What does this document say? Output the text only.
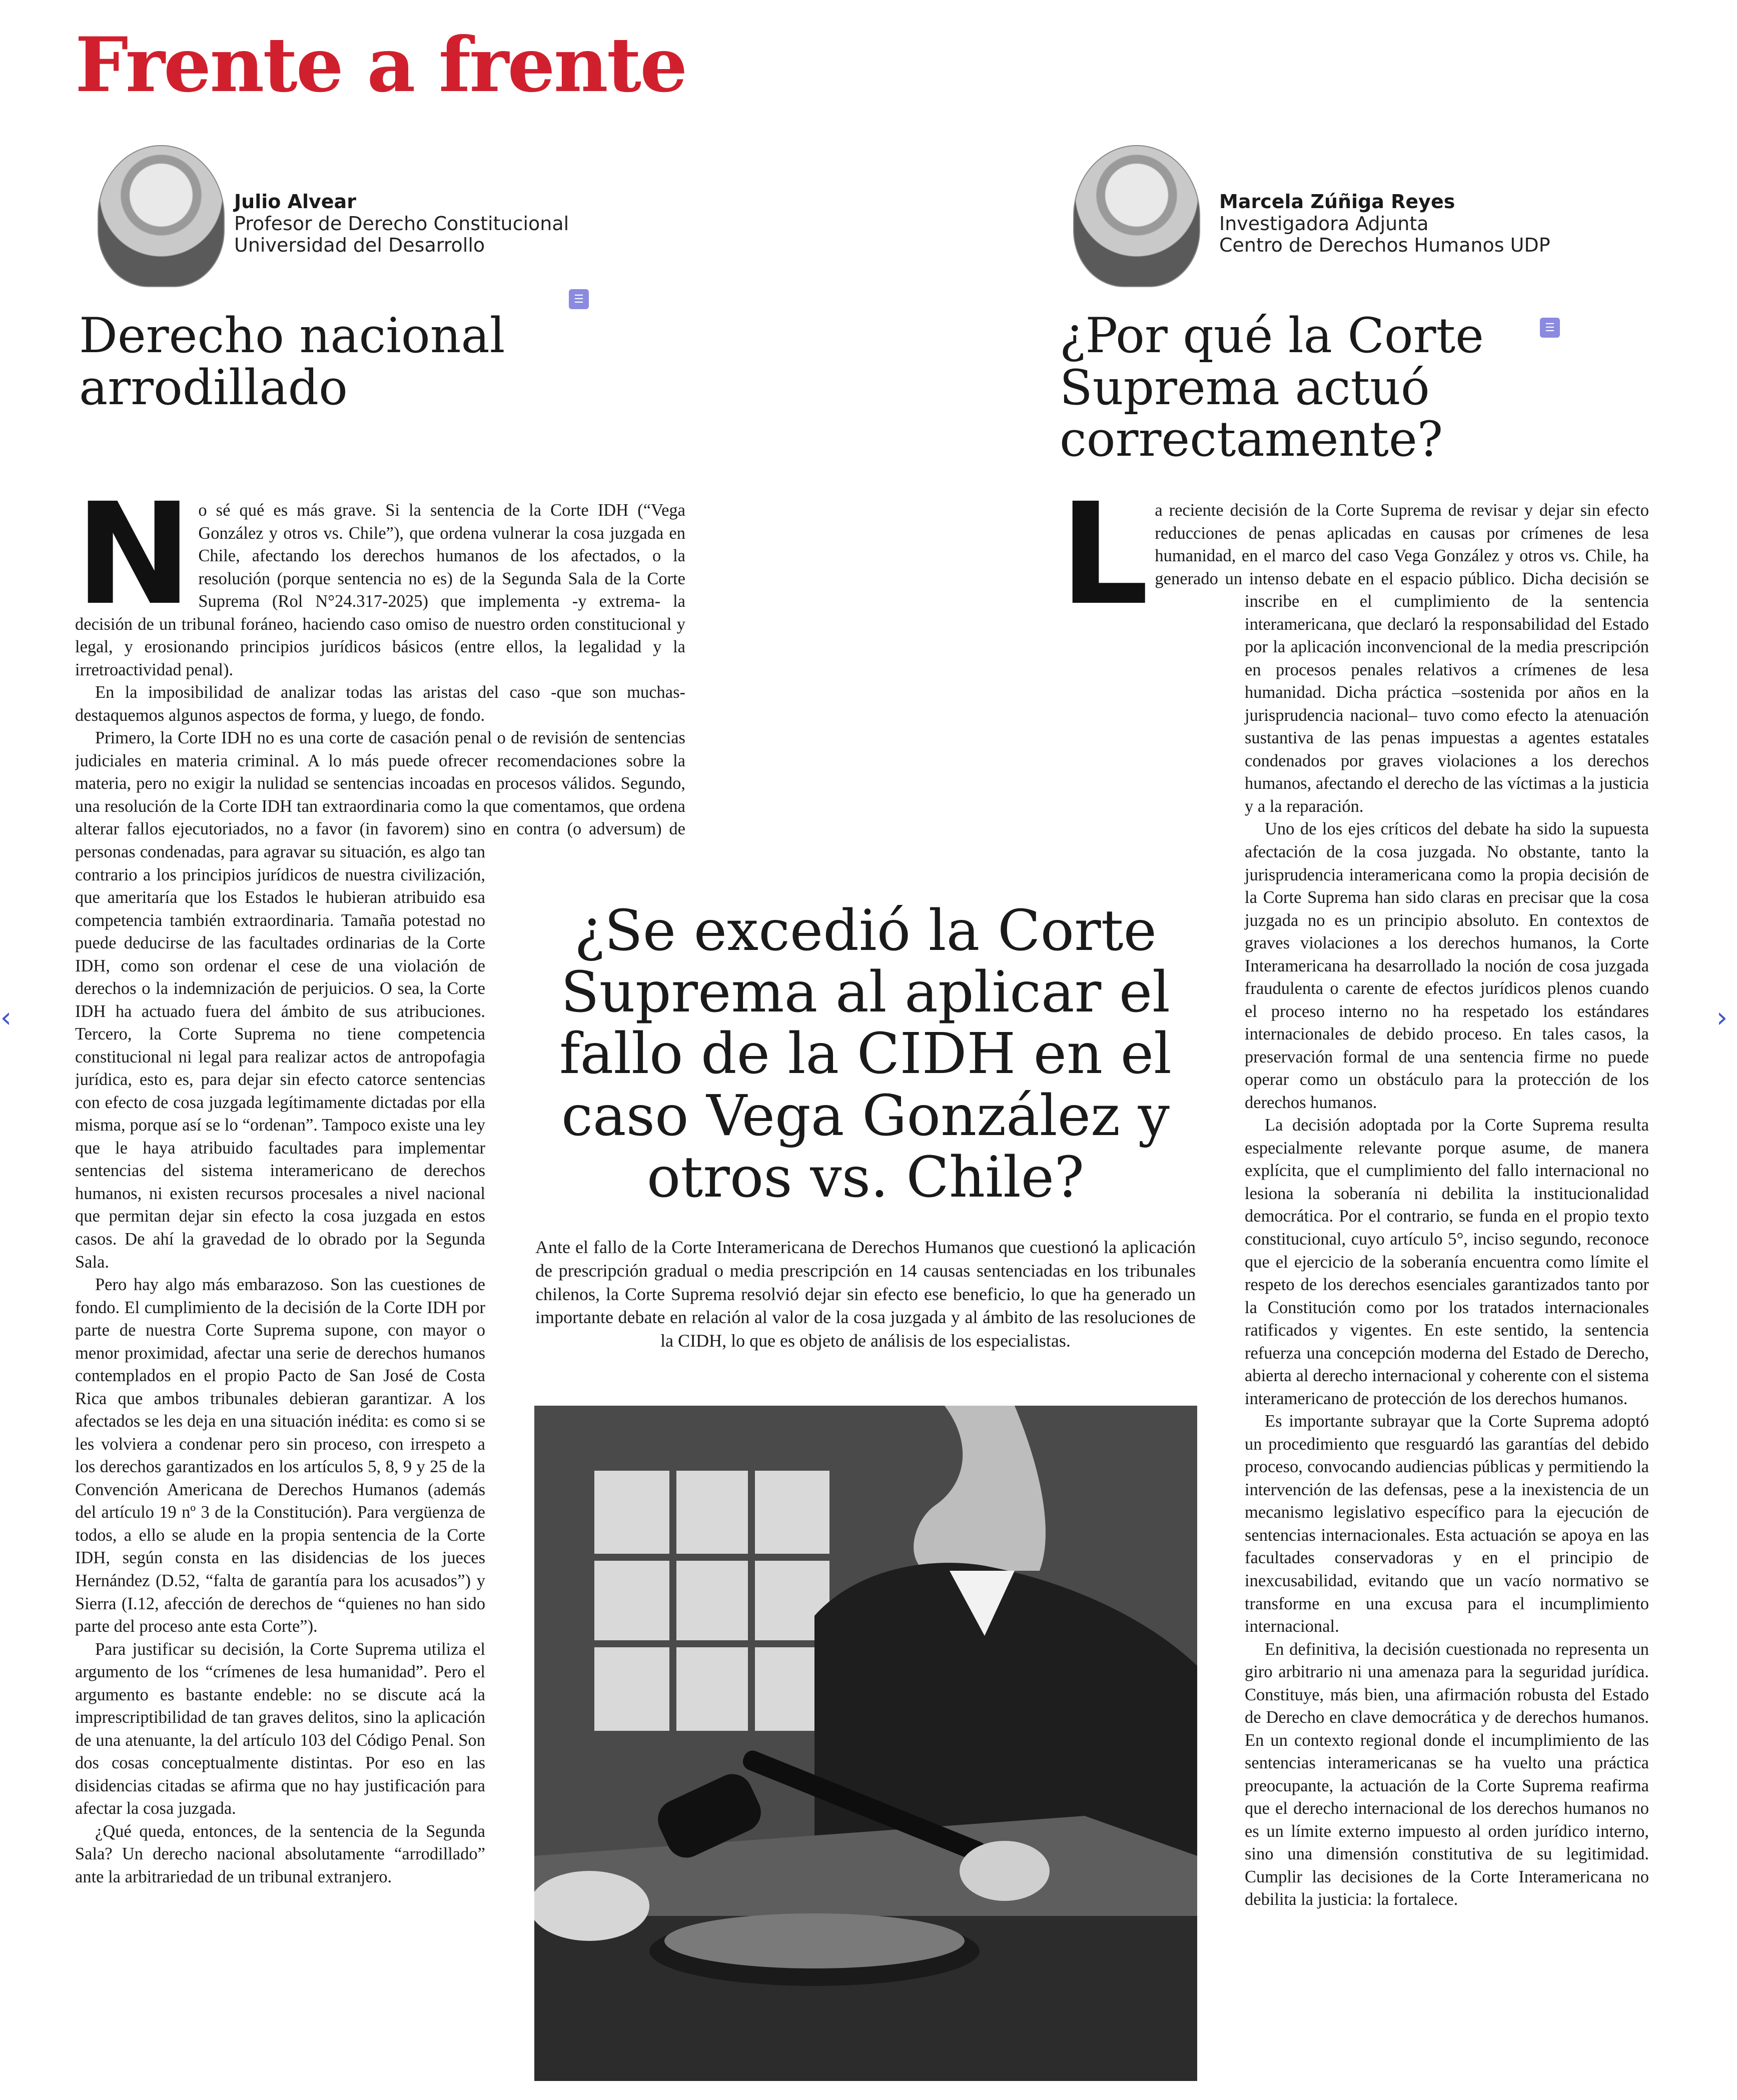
Frente a frente

Julio Alvear

Profesor de Derecho Constitucional

Universidad del Desarrollo

☰

Marcela Zúñiga Reyes

Investigadora Adjunta

Centro de Derechos Humanos UDP

☰
Derecho nacional arrodillado
¿Por qué la Corte Suprema actuó correctamente?
N o sé qué es más grave. Si la sentencia de la Corte IDH (“Vega González y otros vs. Chile”), que ordena vulnerar la cosa juzgada en Chile, afectando los derechos humanos de los afectados, o la resolución (porque sentencia no es) de la Segunda Sala de la Corte Suprema (Rol N°24.317-2025) que implementa -y extrema- la decisión de un tribunal foráneo, haciendo caso omiso de nuestro orden constitucional y legal, y erosionando principios jurídicos básicos (entre ellos, la legalidad y la irretroactividad penal).

En la imposibilidad de analizar todas las aristas del caso -que son muchas- destaquemos algunos aspectos de forma, y luego, de fondo.

Primero, la Corte IDH no es una corte de casación penal o de revisión de sentencias judiciales en materia criminal. A lo más puede ofrecer recomendaciones sobre la materia, pero no exigir la nulidad se sentencias incoadas en procesos válidos. Segundo, una resolución de la Corte IDH tan extraordinaria como la que comentamos, que ordena alterar fallos ejecutoriados, no a favor (in favorem) sino en contra (o adversum) de personas condenadas, para agravar su situación, es algo tan contrario a los principios jurídicos de nuestra civilización, que ameritaría que los Estados le hubieran atribuido esa competencia también extraordinaria. Tamaña potestad no puede deducirse de las facultades ordinarias de la Corte IDH, como son ordenar el cese de una violación de derechos o la indemnización de perjuicios. O sea, la Corte IDH ha actuado fuera del ámbito de sus atribuciones. Tercero, la Corte Suprema no tiene competencia constitucional ni legal para realizar actos de antropofagia jurídica, esto es, para dejar sin efecto catorce sentencias con efecto de cosa juzgada legítimamente dictadas por ella misma, porque así se lo “ordenan”. Tampoco existe una ley que le haya atribuido facultades para implementar sentencias del sistema interamericano de derechos humanos, ni existen recursos procesales a nivel nacional que permitan dejar sin efecto la cosa juzgada en estos casos. De ahí la gravedad de lo obrado por la Segunda Sala.

Pero hay algo más embarazoso. Son las cuestiones de fondo. El cumplimiento de la decisión de la Corte IDH por parte de nuestra Corte Suprema supone, con mayor o menor proximidad, afectar una serie de derechos humanos contemplados en el propio Pacto de San José de Costa Rica que ambos tribunales debieran garantizar. A los afectados se les deja en una situación inédita: es como si se les volviera a condenar pero sin proceso, con irrespeto a los derechos garantizados en los artículos 5, 8, 9 y 25 de la Convención Americana de Derechos Humanos (además del artículo 19 nº 3 de la Constitución). Para vergüenza de todos, a ello se alude en la propia sentencia de la Corte IDH, según consta en las disidencias de los jueces Hernández (D.52, “falta de garantía para los acusados”) y Sierra (I.12, afección de derechos de “quienes no han sido parte del proceso ante esta Corte”).

Para justificar su decisión, la Corte Suprema utiliza el argumento de los “crímenes de lesa humanidad”. Pero el argumento es bastante endeble: no se discute acá la imprescriptibilidad de tan graves delitos, sino la aplicación de una atenuante, la del artículo 103 del Código Penal. Son dos cosas conceptualmente distintas. Por eso en las disidencias citadas se afirma que no hay justificación para afectar la cosa juzgada.

¿Qué queda, entonces, de la sentencia de la Segunda Sala? Un derecho nacional absolutamente “arrodillado” ante la arbitrariedad de un tribunal extranjero.

L a reciente decisión de la Corte Suprema de revisar y dejar sin efecto reducciones de penas aplicadas en causas por crímenes de lesa humanidad, en el marco del caso Vega González y otros vs. Chile, ha generado un intenso debate en el espacio público. Dicha decisión se inscribe en el cumplimiento de la sentencia interamericana, que declaró la responsabilidad del Estado por la aplicación inconvencional de la media prescripción en procesos penales relativos a crímenes de lesa humanidad. Dicha práctica –sostenida por años en la jurisprudencia nacional– tuvo como efecto la atenuación sustantiva de las penas impuestas a agentes estatales condenados por graves violaciones a los derechos humanos, afectando el derecho de las víctimas a la justicia y a la reparación.

Uno de los ejes críticos del debate ha sido la supuesta afectación de la cosa juzgada. No obstante, tanto la jurisprudencia interamericana como la propia decisión de la Corte Suprema han sido claras en precisar que la cosa juzgada no es un principio absoluto. En contextos de graves violaciones a los derechos humanos, la Corte Interamericana ha desarrollado la noción de cosa juzgada fraudulenta o carente de efectos jurídicos plenos cuando el proceso interno no ha respetado los estándares internacionales de debido proceso. En tales casos, la preservación formal de una sentencia firme no puede operar como un obstáculo para la protección de los derechos humanos.

La decisión adoptada por la Corte Suprema resulta especialmente relevante porque asume, de manera explícita, que el cumplimiento del fallo internacional no lesiona la soberanía ni debilita la institucionalidad democrática. Por el contrario, se funda en el propio texto constitucional, cuyo artículo 5°, inciso segundo, reconoce que el ejercicio de la soberanía encuentra como límite el respeto de los derechos esenciales garantizados tanto por la Constitución como por los tratados internacionales ratificados y vigentes. En este sentido, la sentencia refuerza una concepción moderna del Estado de Derecho, abierta al derecho internacional y coherente con el sistema interamericano de protección de los derechos humanos.

Es importante subrayar que la Corte Suprema adoptó un procedimiento que resguardó las garantías del debido proceso, convocando audiencias públicas y permitiendo la intervención de las defensas, pese a la inexistencia de un mecanismo legislativo específico para la ejecución de sentencias internacionales. Esta actuación se apoya en las facultades conservadoras y en el principio de inexcusabilidad, evitando que un vacío normativo se transforme en una excusa para el incumplimiento internacional.

En definitiva, la decisión cuestionada no representa un giro arbitrario ni una amenaza para la seguridad jurídica. Constituye, más bien, una afirmación robusta del Estado de Derecho en clave democrática y de derechos humanos. En un contexto regional donde el incumplimiento de las sentencias interamericanas se ha vuelto una práctica preocupante, la actuación de la Corte Suprema reafirma que el derecho internacional de los derechos humanos no es un límite externo impuesto al orden jurídico interno, sino una dimensión constitutiva de su legitimidad. Cumplir las decisiones de la Corte Interamericana no debilita la justicia: la fortalece.

¿Se excedió la Corte Suprema al aplicar el fallo de la CIDH en el caso Vega González y otros vs. Chile?

Ante el fallo de la Corte Interamericana de Derechos Humanos que cuestionó la aplicación de prescripción gradual o media prescripción en 14 causas sentenciadas en los tribunales chilenos, la Corte Suprema resolvió dejar sin efecto ese beneficio, lo que ha generado un importante debate en relación al valor de la cosa juzgada y al ámbito de las resoluciones de la CIDH, lo que es objeto de análisis de los especialistas.

‹	›
